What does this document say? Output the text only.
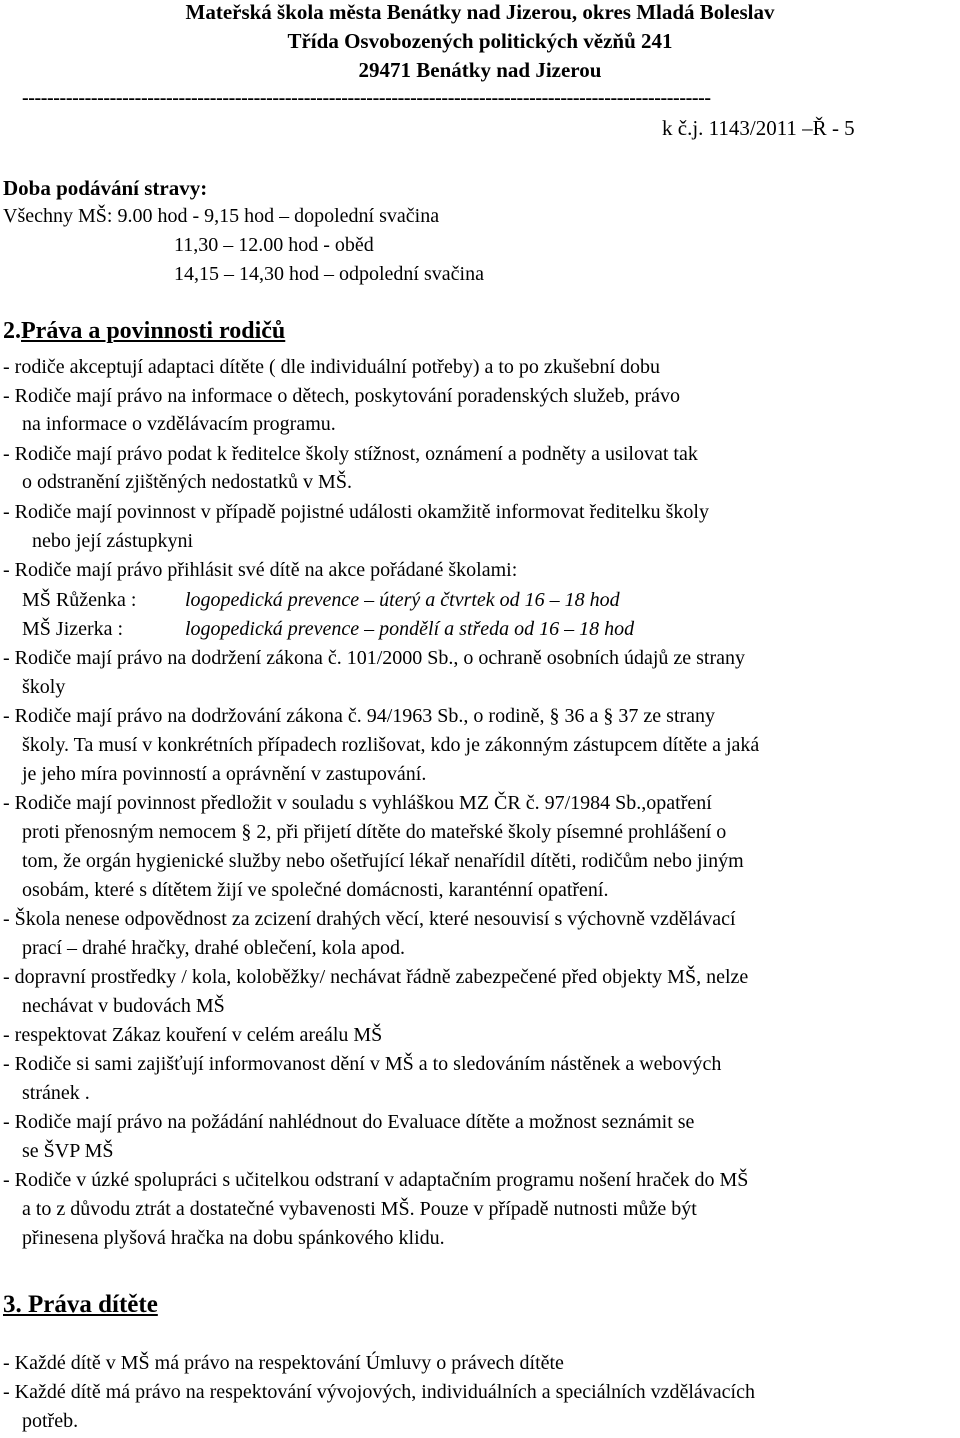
Mateřská škola města Benátky nad Jizerou, okres Mladá Boleslav
Třída Osvobozených politických vězňů 241
29471 Benátky nad Jizerou
--------------------------------------------------------------------------------------------------------------
k č.j. 1143/2011 –Ř - 5
Doba podávání stravy:
Všechny MŠ: 9.00 hod - 9,15 hod – dopolední svačina
11,30 – 12.00 hod - oběd
14,15 – 14,30 hod – odpolední svačina
2.Práva a povinnosti rodičů
- rodiče akceptují adaptaci dítěte ( dle individuální potřeby) a to po zkušební dobu
- Rodiče mají právo na informace o dětech, poskytování poradenských služeb, právo
na informace o vzdělávacím programu.
- Rodiče mají právo podat k ředitelce školy stížnost, oznámení a podněty a usilovat tak
o odstranění zjištěných nedostatků v MŠ.
- Rodiče mají povinnost v případě pojistné události okamžitě informovat ředitelku školy
nebo její zástupkyni
- Rodiče mají právo přihlásit své dítě na akce pořádané školami:
MŠ Růženka : logopedická prevence – úterý a čtvrtek od 16 – 18 hod
MŠ Jizerka :	logopedická prevence – pondělí a středa od 16 – 18 hod
- Rodiče mají právo na dodržení zákona č. 101/2000 Sb., o ochraně osobních údajů ze strany
školy
- Rodiče mají právo na dodržování zákona č. 94/1963 Sb., o rodině, § 36 a § 37 ze strany
školy. Ta musí v konkrétních případech rozlišovat, kdo je zákonným zástupcem dítěte a jaká
je jeho míra povinností a oprávnění v zastupování.
- Rodiče mají povinnost předložit v souladu s vyhláškou MZ ČR č. 97/1984 Sb.,opatření
proti přenosným nemocem § 2, při přijetí dítěte do mateřské školy písemné prohlášení o
tom, že orgán hygienické služby nebo ošetřující lékař nenařídil dítěti, rodičům nebo jiným
osobám, které s dítětem žijí ve společné domácnosti, karanténní opatření.
- Škola nenese odpovědnost za zcizení drahých věcí, které nesouvisí s výchovně vzdělávací
prací – drahé hračky, drahé oblečení, kola apod.
- dopravní prostředky / kola, koloběžky/ nechávat řádně zabezpečené před objekty MŠ, nelze
nechávat v budovách MŠ
- respektovat Zákaz kouření v celém areálu MŠ
- Rodiče si sami zajišťují informovanost dění v MŠ a to sledováním nástěnek a webových
stránek .
- Rodiče mají právo na požádání nahlédnout do Evaluace dítěte a možnost seznámit se
se ŠVP MŠ
- Rodiče v úzké spolupráci s učitelkou odstraní v adaptačním programu nošení hraček do MŠ
a to z důvodu ztrát a dostatečné vybavenosti MŠ. Pouze v případě nutnosti může být
přinesena plyšová hračka na dobu spánkového klidu.
3. Práva dítěte
- Každé dítě v MŠ má právo na respektování Úmluvy o právech dítěte
- Každé dítě má právo na respektování vývojových, individuálních a speciálních vzdělávacích
potřeb.
